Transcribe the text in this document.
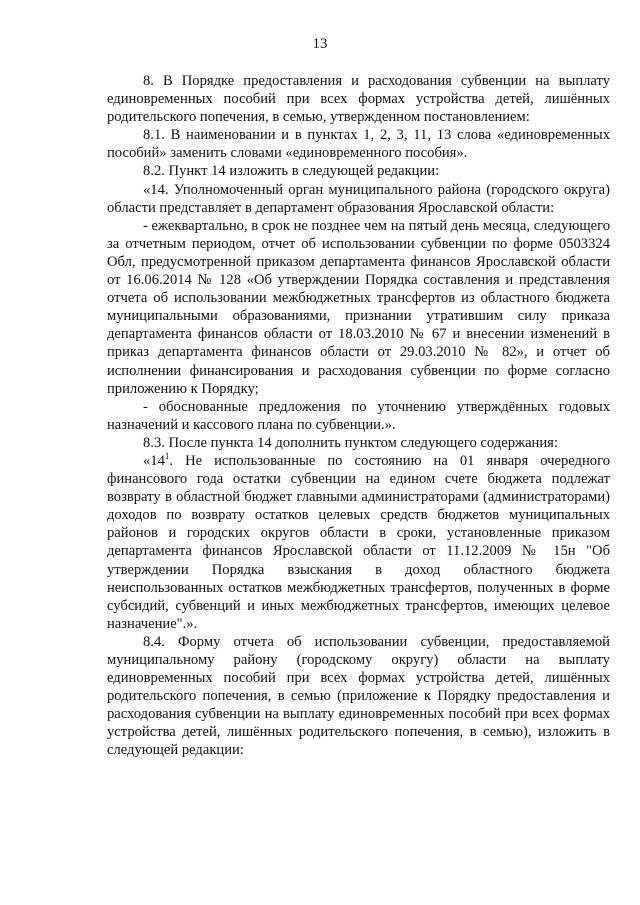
13

8. В Порядке предоставления и расходования субвенции на выплату единовременных пособий при всех формах устройства детей, лишённых родительского попечения, в семью, утвержденном постановлением:

8.1. В наименовании и в пунктах 1, 2, 3, 11, 13 слова «единовременных пособий» заменить словами «единовременного пособия».

8.2. Пункт 14 изложить в следующей редакции:

«14. Уполномоченный орган муниципального района (городского округа) области представляет в департамент образования Ярославской области:

- ежеквартально, в срок не позднее чем на пятый день месяца, следующего за отчетным периодом, отчет об использовании субвенции по форме 0503324 Обл, предусмотренной приказом департамента финансов Ярославской области от 16.06.2014 № 128 «Об утверждении Порядка составления и представления отчета об использовании межбюджетных трансфертов из областного бюджета муниципальными образованиями, признании утратившим силу приказа департамента финансов области от 18.03.2010 № 67 и внесении изменений в приказ департамента финансов области от 29.03.2010 № 82», и отчет об исполнении финансирования и расходования субвенции по форме согласно приложению к Порядку;

- обоснованные предложения по уточнению утверждённых годовых назначений и кассового плана по субвенции.».

8.3. После пункта 14 дополнить пунктом следующего содержания:

«$14^1$. Не использованные по состоянию на 01 января очередного финансового года остатки субвенции на едином счете бюджета подлежат возврату в областной бюджет главными администраторами (администраторами) доходов по возврату остатков целевых средств бюджетов муниципальных районов и городских округов области в сроки, установленные приказом департамента финансов Ярославской области от 11.12.2009 № 15н "Об утверждении Порядка взыскания в доход областного бюджета неиспользованных остатков межбюджетных трансфертов, полученных в форме субсидий, субвенций и иных межбюджетных трансфертов, имеющих целевое назначение".».

8.4. Форму отчета об использовании субвенции, предоставляемой муниципальному району (городскому округу) области на выплату единовременных пособий при всех формах устройства детей, лишённых родительского попечения, в семью (приложение к Порядку предоставления и расходования субвенции на выплату единовременных пособий при всех формах устройства детей, лишённых родительского попечения, в семью), изложить в следующей редакции:
